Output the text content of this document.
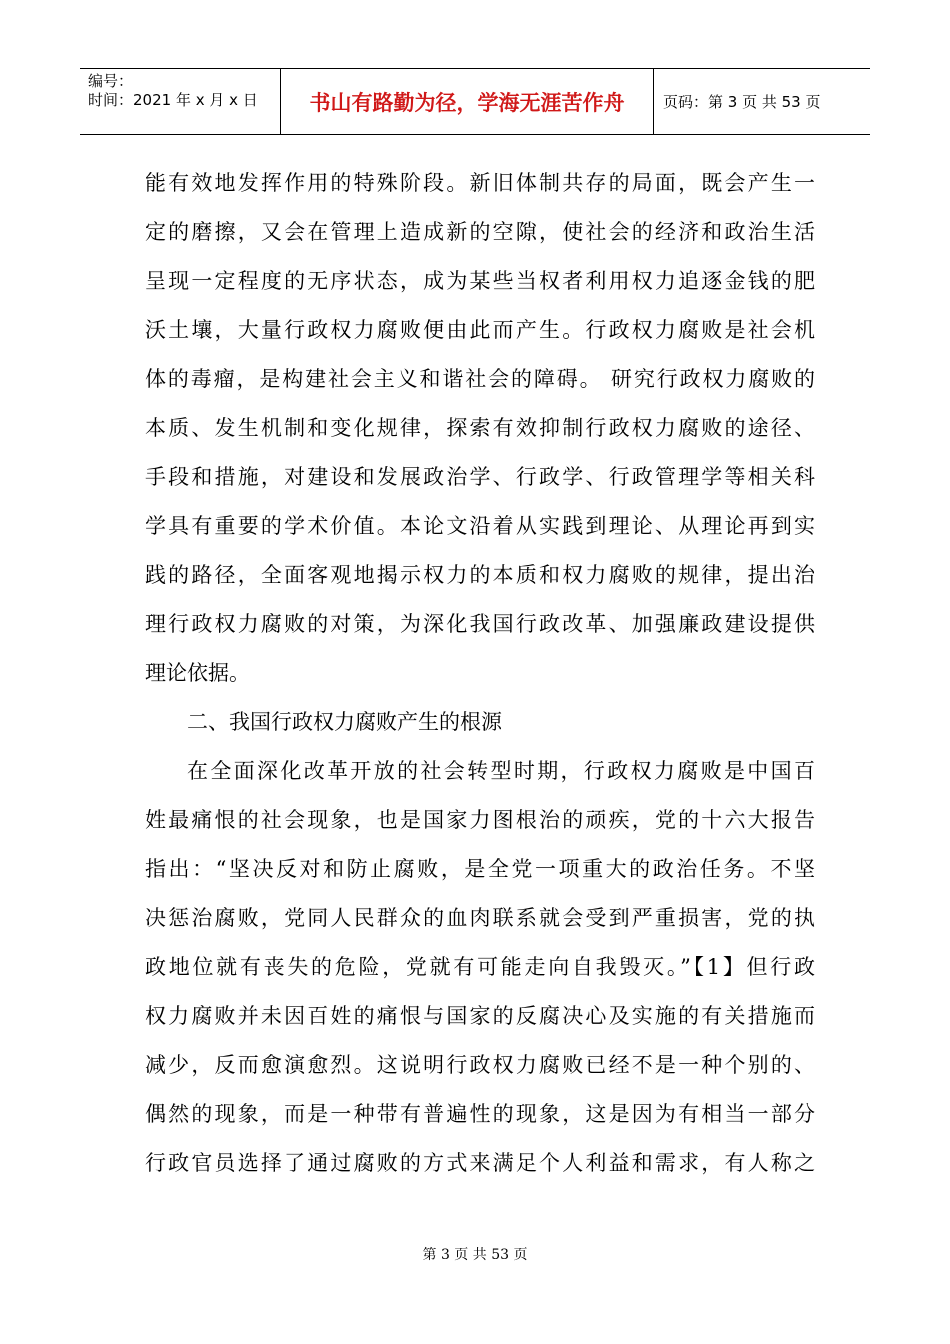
编号：
时间：2021 年 x 月 x 日	书山有路勤为径，学海无涯苦作舟	页码：第 3 页 共 53 页
能有效地发挥作用的特殊阶段。新旧体制共存的局面，既会产生一
定的磨擦，又会在管理上造成新的空隙，使社会的经济和政治生活
呈现一定程度的无序状态，成为某些当权者利用权力追逐金钱的肥
沃土壤，大量行政权力腐败便由此而产生。行政权力腐败是社会机
体的毒瘤，是构建社会主义和谐社会的障碍。 研究行政权力腐败的
本质、发生机制和变化规律，探索有效抑制行政权力腐败的途径、
手段和措施，对建设和发展政治学、行政学、行政管理学等相关科
学具有重要的学术价值。本论文沿着从实践到理论、从理论再到实
践的路径，全面客观地揭示权力的本质和权力腐败的规律，提出治
理行政权力腐败的对策，为深化我国行政改革、加强廉政建设提供
理论依据。
二、我国行政权力腐败产生的根源
在全面深化改革开放的社会转型时期，行政权力腐败是中国百
姓最痛恨的社会现象，也是国家力图根治的顽疾，党的十六大报告
指出：“坚决反对和防止腐败，是全党一项重大的政治任务。不坚
决惩治腐败，党同人民群众的血肉联系就会受到严重损害，党的执
政地位就有丧失的危险，党就有可能走向自我毁灭。”【1】但行政
权力腐败并未因百姓的痛恨与国家的反腐决心及实施的有关措施而
减少，反而愈演愈烈。这说明行政权力腐败已经不是一种个别的、
偶然的现象，而是一种带有普遍性的现象，这是因为有相当一部分
行政官员选择了通过腐败的方式来满足个人利益和需求，有人称之
第 3 页 共 53 页
